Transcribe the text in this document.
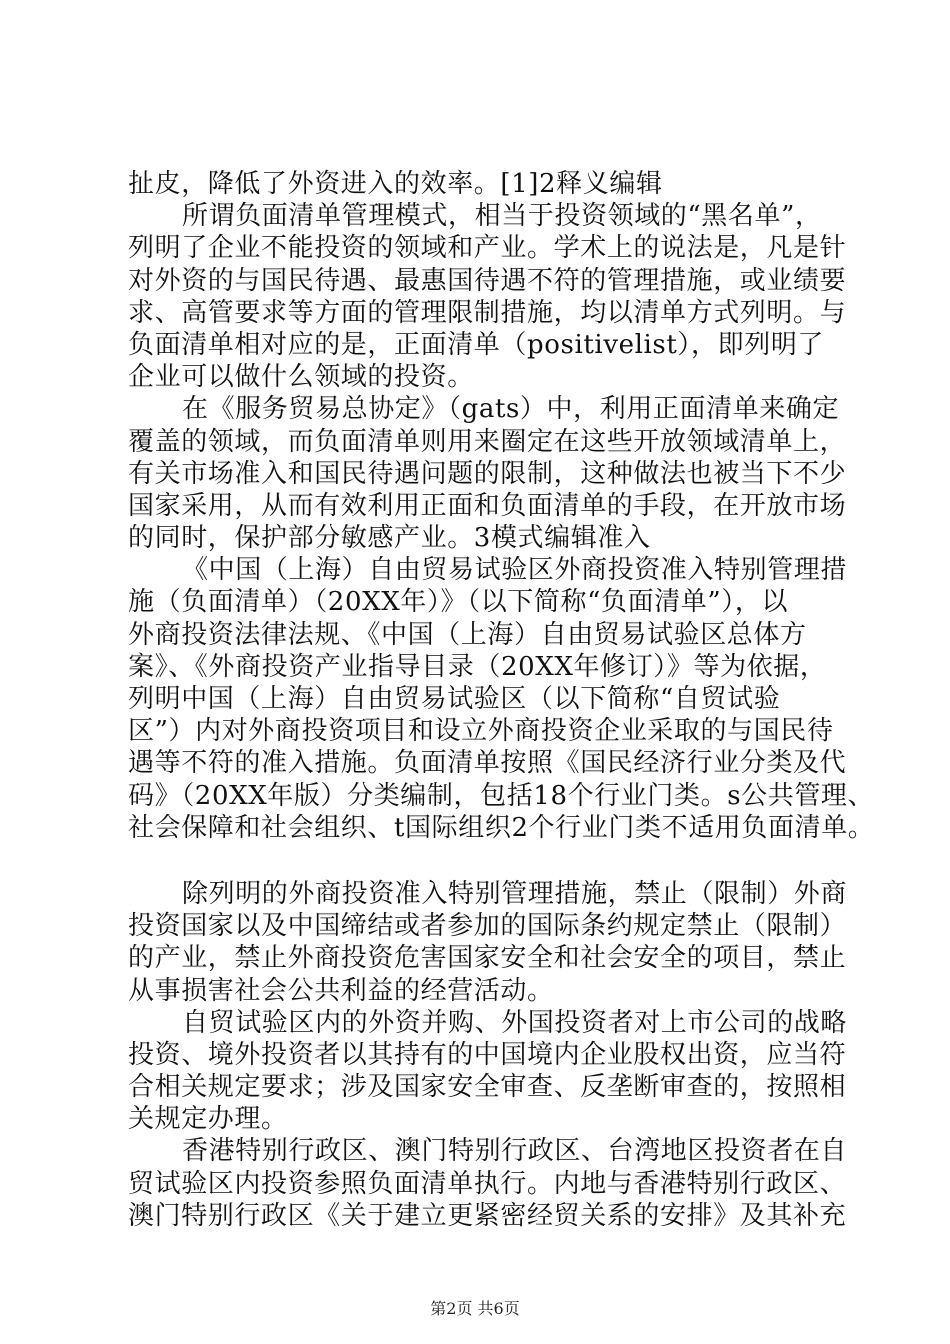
扯皮，降低了外资进入的效率。[1]2释义编辑
所谓负面清单管理模式，相当于投资领域的“黑名单”，
列明了企业不能投资的领域和产业。学术上的说法是，凡是针
对外资的与国民待遇、最惠国待遇不符的管理措施，或业绩要
求、高管要求等方面的管理限制措施，均以清单方式列明。与
负面清单相对应的是，正面清单（positivelist），即列明了
企业可以做什么领域的投资。
在《服务贸易总协定》（gats）中，利用正面清单来确定
覆盖的领域，而负面清单则用来圈定在这些开放领域清单上，
有关市场准入和国民待遇问题的限制，这种做法也被当下不少
国家采用，从而有效利用正面和负面清单的手段，在开放市场
的同时，保护部分敏感产业。3模式编辑准入
《中国（上海）自由贸易试验区外商投资准入特别管理措
施（负面清单）（20XX年）》（以下简称“负面清单”），以
外商投资法律法规、《中国（上海）自由贸易试验区总体方
案》、《外商投资产业指导目录（20XX年修订）》等为依据，
列明中国（上海）自由贸易试验区（以下简称“自贸试验
区”）内对外商投资项目和设立外商投资企业采取的与国民待
遇等不符的准入措施。负面清单按照《国民经济行业分类及代
码》（20XX年版）分类编制，包括18个行业门类。s公共管理、
社会保障和社会组织、t国际组织2个行业门类不适用负面清单。
除列明的外商投资准入特别管理措施，禁止（限制）外商
投资国家以及中国缔结或者参加的国际条约规定禁止（限制）
的产业，禁止外商投资危害国家安全和社会安全的项目，禁止
从事损害社会公共利益的经营活动。
自贸试验区内的外资并购、外国投资者对上市公司的战略
投资、境外投资者以其持有的中国境内企业股权出资，应当符
合相关规定要求；涉及国家安全审查、反垄断审查的，按照相
关规定办理。
香港特别行政区、澳门特别行政区、台湾地区投资者在自
贸试验区内投资参照负面清单执行。内地与香港特别行政区、
澳门特别行政区《关于建立更紧密经贸关系的安排》及其补充
第2页 共6页
